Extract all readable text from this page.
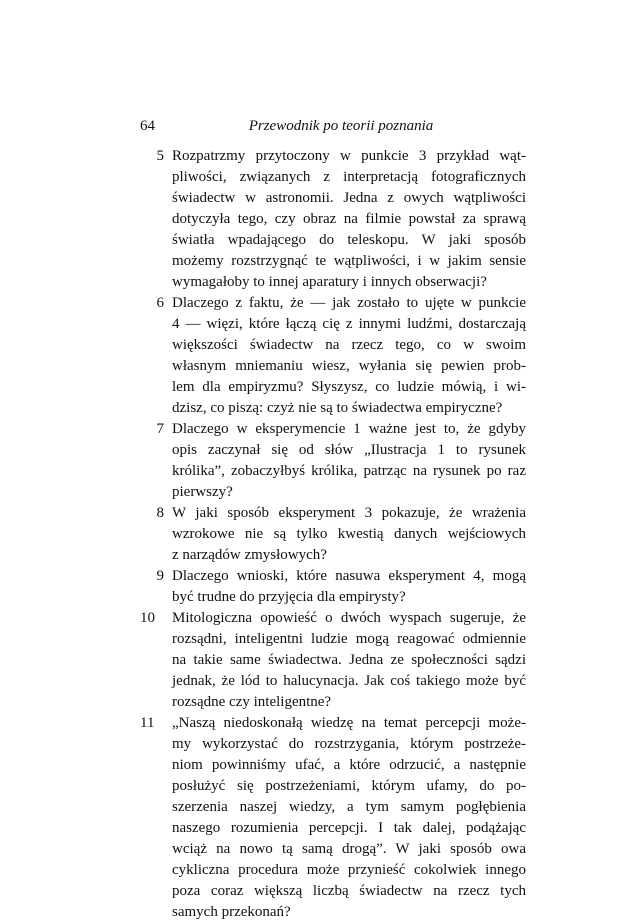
64	Przewodnik po teorii poznania
5 Rozpatrzmy przytoczony w punkcie 3 przykład wąt-
pliwości, związanych z interpretacją fotograficznych
świadectw w astronomii. Jedna z owych wątpliwości
dotyczyła tego, czy obraz na filmie powstał za sprawą
światła wpadającego do teleskopu. W jaki sposób
możemy rozstrzygnąć te wątpliwości, i w jakim sensie
wymagałoby to innej aparatury i innych obserwacji?
6 Dlaczego z faktu, że — jak zostało to ujęte w punkcie
4 — więzi, które łączą cię z innymi ludźmi, dostarczają
większości świadectw na rzecz tego, co w swoim
własnym mniemaniu wiesz, wyłania się pewien prob-
lem dla empiryzmu? Słyszysz, co ludzie mówią, i wi-
dzisz, co piszą: czyż nie są to świadectwa empiryczne?
7 Dlaczego w eksperymencie 1 ważne jest to, że gdyby
opis zaczynał się od słów „Ilustracja 1 to rysunek
królika”, zobaczyłbyś królika, patrząc na rysunek po raz
pierwszy?
8 W jaki sposób eksperyment 3 pokazuje, że wrażenia
wzrokowe nie są tylko kwestią danych wejściowych
z narządów zmysłowych?
9 Dlaczego wnioski, które nasuwa eksperyment 4, mogą
być trudne do przyjęcia dla empirysty?
10	Mitologiczna opowieść o dwóch wyspach sugeruje, że
rozsądni, inteligentni ludzie mogą reagować odmiennie
na takie same świadectwa. Jedna ze społeczności sądzi
jednak, że lód to halucynacja. Jak coś takiego może być
rozsądne czy inteligentne?
11	„Naszą niedoskonałą wiedzę na temat percepcji może-
my wykorzystać do rozstrzygania, którym postrzeże-
niom powinniśmy ufać, a które odrzucić, a następnie
posłużyć się postrzeżeniami, którym ufamy, do po-
szerzenia naszej wiedzy, a tym samym pogłębienia
naszego rozumienia percepcji. I tak dalej, podążając
wciąż na nowo tą samą drogą”. W jaki sposób owa
cykliczna procedura może przynieść cokolwiek innego
poza coraz większą liczbą świadectw na rzecz tych
samych przekonań?
